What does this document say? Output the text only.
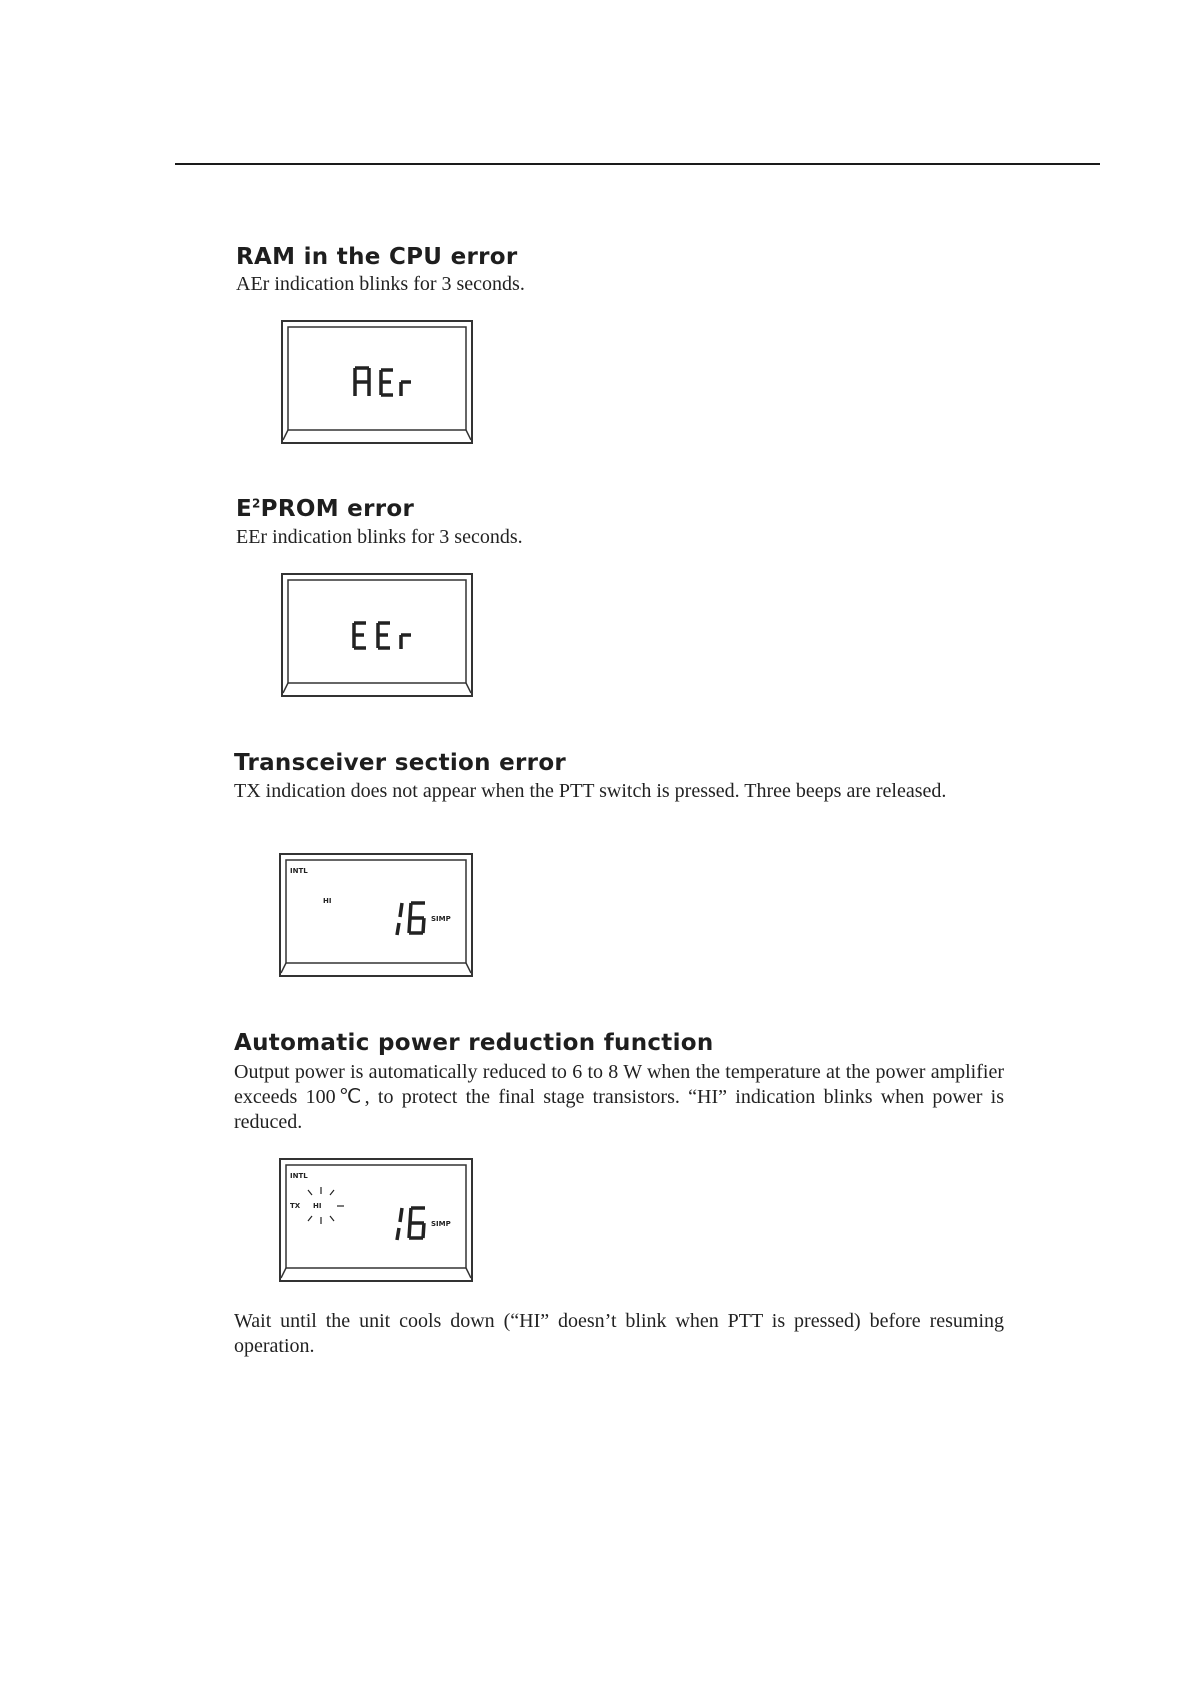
RAM in the CPU error

AEr indication blinks for 3 seconds.

$E^2PROM$ error

EEr indication blinks for 3 seconds.

Transceiver section error

TX indication does not appear when the PTT switch is pressed. Three beeps are released.

INTL
HI
SIMP
Automatic power reduction function

Output power is automatically reduced to 6 to 8 W when the temperature at the power amplifier exceeds 100℃, to protect the final stage transistors. “HI” indication blinks when power is reduced.

INTL
TX HI
SIMP

Wait until the unit cools down (“HI” doesn’t blink when PTT is pressed) before resuming operation.
